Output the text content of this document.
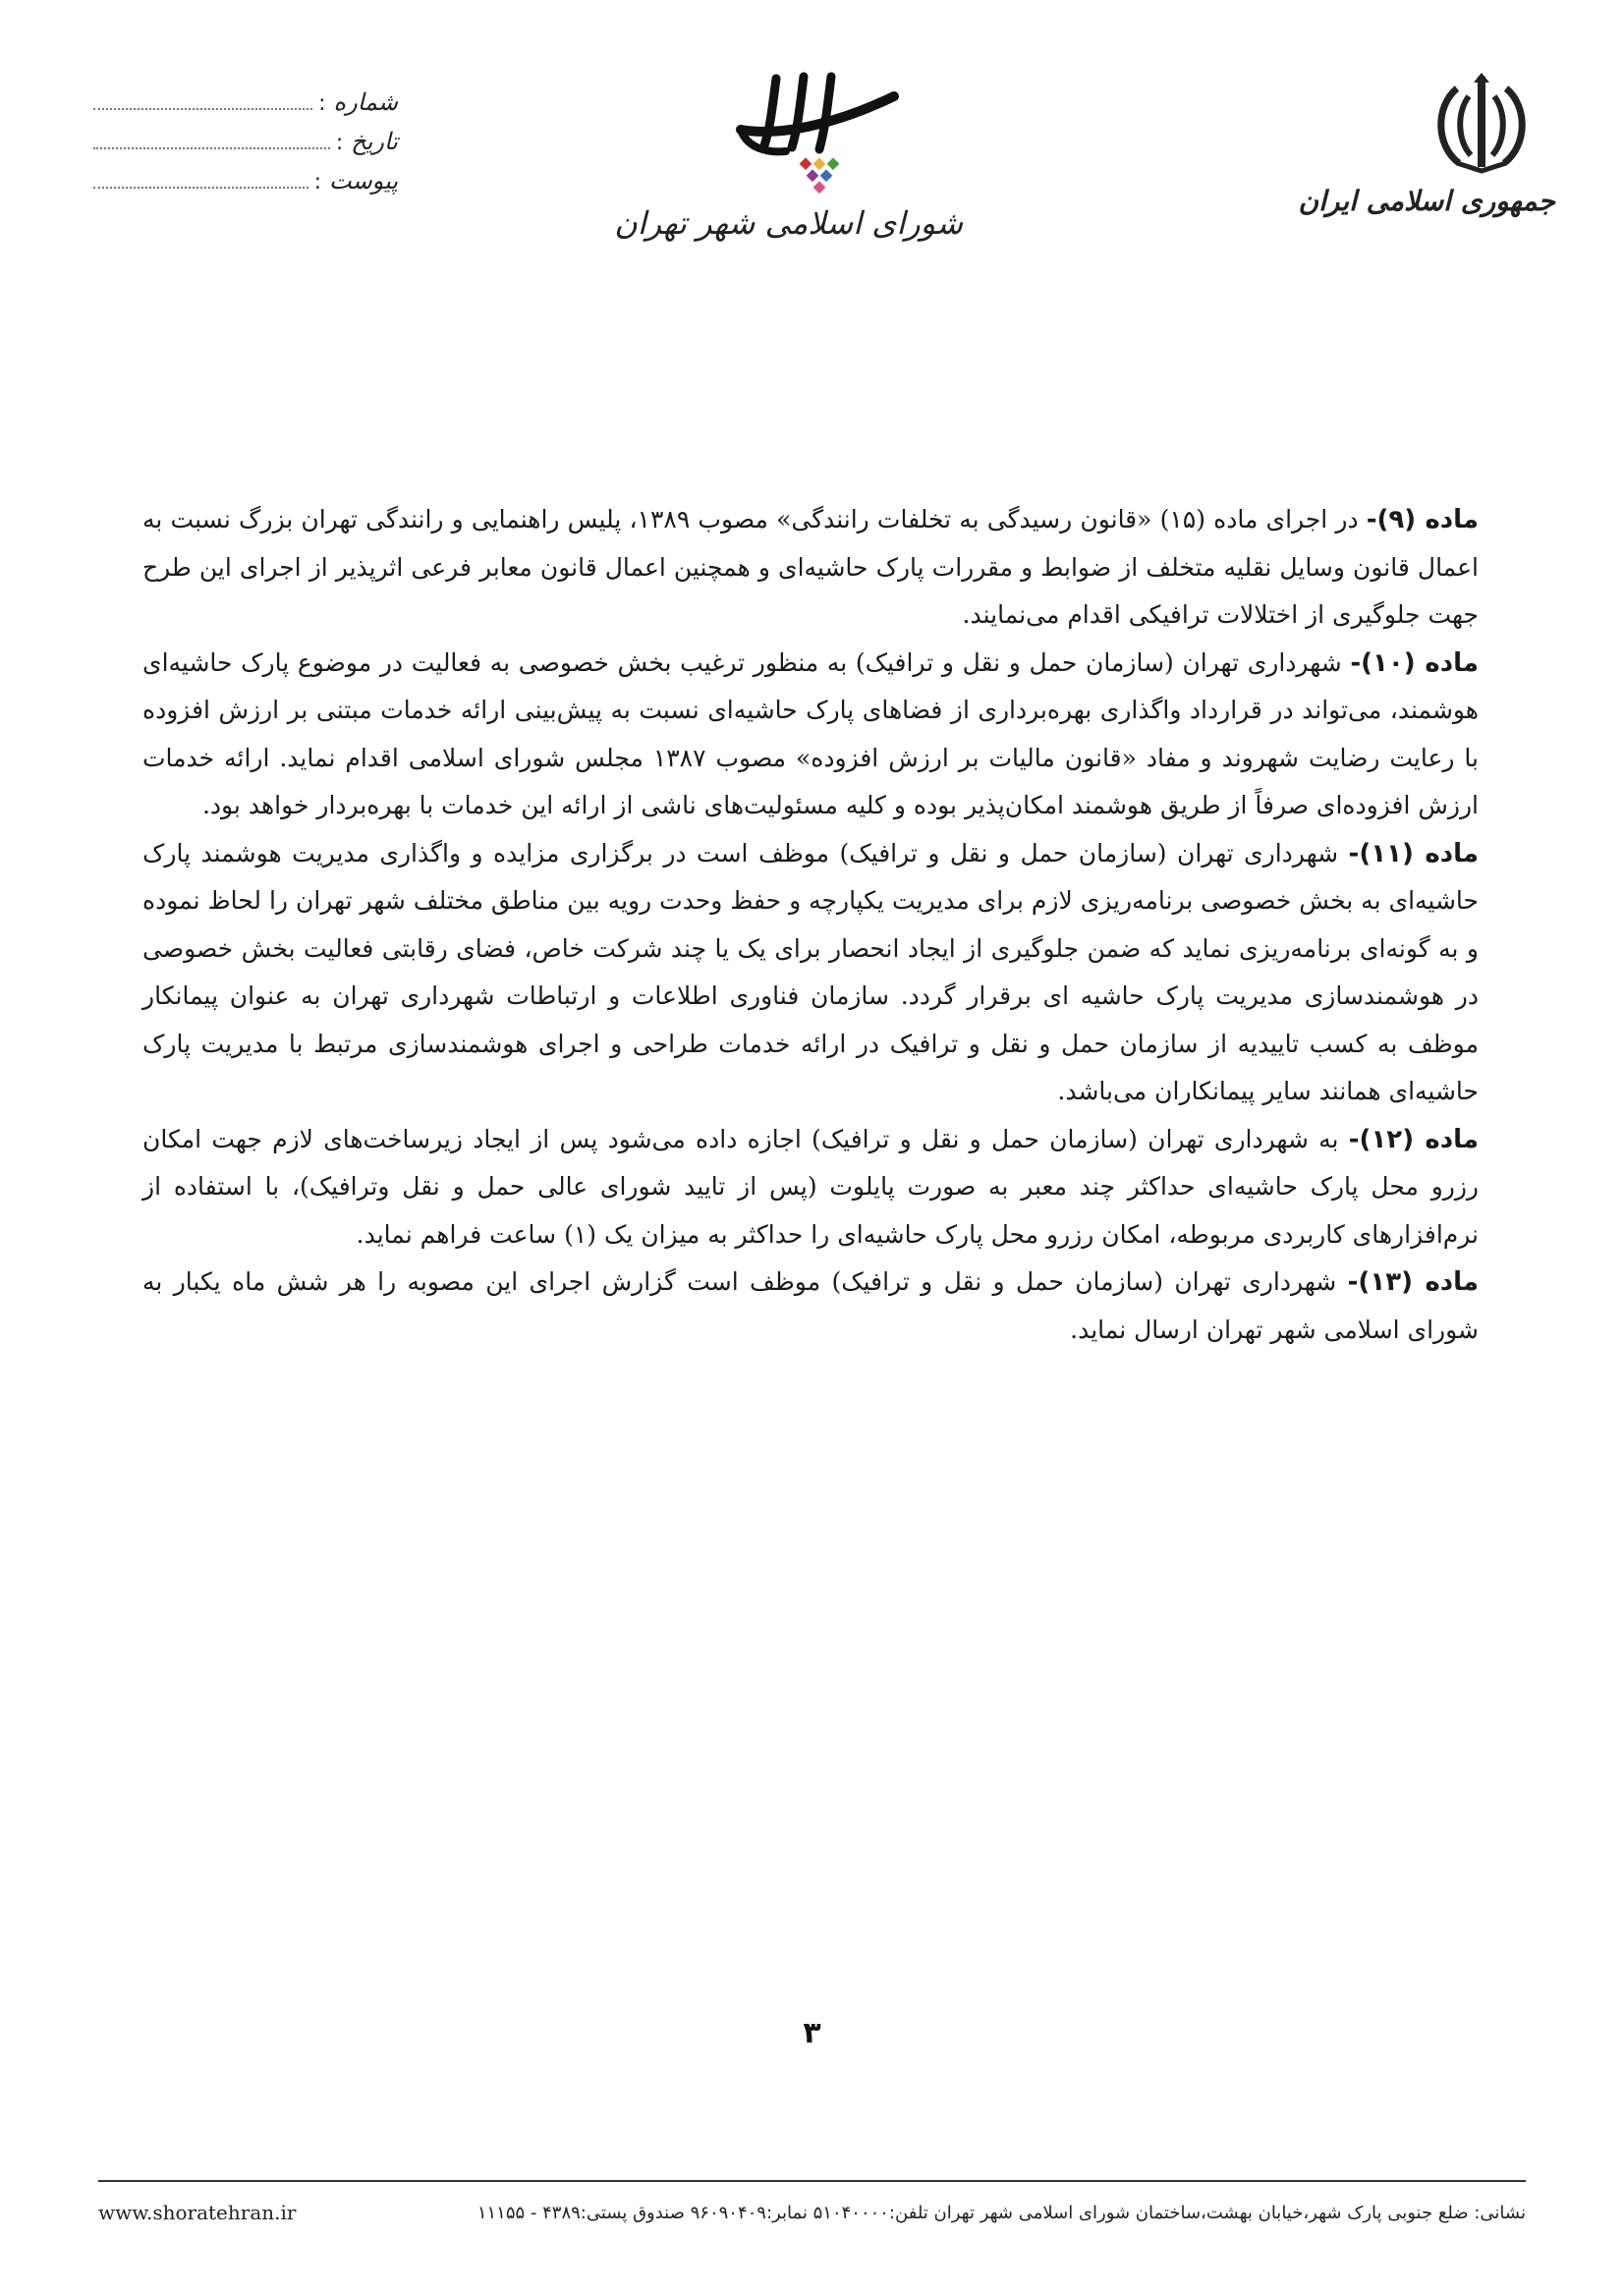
جمهوری اسلامی ایران
شورای اسلامی شهر تهران
شماره
:
تاریخ
:
پیوست
:

ماده (۹)- در اجرای ماده (۱۵) «قانون رسیدگی به تخلفات رانندگی» مصوب ۱۳۸۹، پلیس راهنمایی و رانندگی تهران بزرگ نسبت به اعمال قانون وسایل نقلیه متخلف از ضوابط و مقررات پارک حاشیه‌ای و همچنین اعمال قانون معابر فرعی اثرپذیر از اجرای این طرح جهت جلوگیری از اختلالات ترافیکی اقدام می‌نمایند.

ماده (۱۰)- شهرداری تهران (سازمان حمل و نقل و ترافیک) به منظور ترغیب بخش خصوصی به فعالیت در موضوع پارک حاشیه‌ای هوشمند، می‌تواند در قرارداد واگذاری بهره‌برداری از فضاهای پارک حاشیه‌ای نسبت به پیش‌بینی ارائه خدمات مبتنی بر ارزش افزوده با رعایت رضایت شهروند و مفاد «قانون مالیات بر ارزش افزوده» مصوب ۱۳۸۷ مجلس شورای اسلامی اقدام نماید. ارائه خدمات ارزش افزوده‌ای صرفاً از طریق هوشمند امکان‌پذیر بوده و کلیه مسئولیت‌های ناشی از ارائه این خدمات با بهره‌بردار خواهد بود.

ماده (۱۱)- شهرداری تهران (سازمان حمل و نقل و ترافیک) موظف است در برگزاری مزایده و واگذاری مدیریت هوشمند پارک حاشیه‌ای به بخش خصوصی برنامه‌ریزی لازم برای مدیریت یکپارچه و حفظ وحدت رویه بین مناطق مختلف شهر تهران را لحاظ نموده و به گونه‌ای برنامه‌ریزی نماید که ضمن جلوگیری از ایجاد انحصار برای یک یا چند شرکت خاص، فضای رقابتی فعالیت بخش خصوصی در هوشمندسازی مدیریت پارک حاشیه ای برقرار گردد. سازمان فناوری اطلاعات و ارتباطات شهرداری تهران به عنوان پیمانکار موظف به کسب تاییدیه از سازمان حمل و نقل و ترافیک در ارائه خدمات طراحی و اجرای هوشمندسازی مرتبط با مدیریت پارک حاشیه‌ای همانند سایر پیمانکاران می‌باشد.

ماده (۱۲)- به شهرداری تهران (سازمان حمل و نقل و ترافیک) اجازه داده می‌شود پس از ایجاد زیرساخت‌های لازم جهت امکان رزرو محل پارک حاشیه‌ای حداکثر چند معبر به صورت پایلوت (پس از تایید شورای عالی حمل و نقل وترافیک)، با استفاده از نرم‌افزارهای کاربردی مربوطه، امکان رزرو محل پارک حاشیه‌ای را حداکثر به میزان یک (۱) ساعت فراهم نماید.

ماده (۱۳)- شهرداری تهران (سازمان حمل و نقل و ترافیک) موظف است گزارش اجرای این مصوبه را هر شش ماه یکبار به شورای اسلامی شهر تهران ارسال نماید.

۳
www.shoratehran.ir	نشانی: ضلع جنوبی پارک شهر،خیابان بهشت،ساختمان شورای اسلامی شهر تهران تلفن:۵۱۰۴۰۰۰۰ نمابر:۹۶۰۹۰۴۰۹ صندوق پستی:۴۳۸۹ - ۱۱۱۵۵
